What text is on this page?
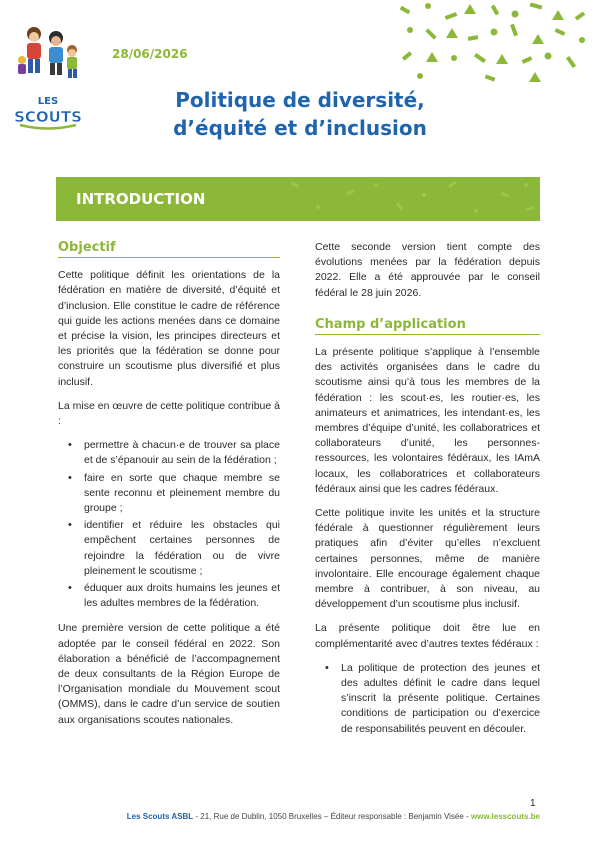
LES
SCOUTS
28/06/2026
Politique de diversité,
d’équité et d’inclusion
INTRODUCTION
Objectif
Cette politique définit les orientations de la fédération en matière de diversité, d’équité et d’inclusion. Elle constitue le cadre de référence qui guide les actions menées dans ce domaine et précise la vision, les principes directeurs et les priorités que la fédération se donne pour construire un scoutisme plus diversifié et plus inclusif.
La mise en œuvre de cette politique contribue à :
• permettre à chacun·e de trouver sa place et de s’épanouir au sein de la fédération ;
• faire en sorte que chaque membre se sente reconnu et pleinement membre du groupe ;
• identifier et réduire les obstacles qui empêchent certaines personnes de rejoindre la fédération ou de vivre pleinement le scoutisme ;
• éduquer aux droits humains les jeunes et les adultes membres de la fédération.
Une première version de cette politique a été adoptée par le conseil fédéral en 2022. Son élaboration a bénéficié de l’accompagnement de deux consultants de la Région Europe de l’Organisation mondiale du Mouvement scout (OMMS), dans le cadre d’un service de soutien aux organisations scoutes nationales.
Cette seconde version tient compte des évolutions menées par la fédération depuis 2022. Elle a été approuvée par le conseil fédéral le 28 juin 2026.
Champ d’application
La présente politique s’applique à l’ensemble des activités organisées dans le cadre du scoutisme ainsi qu’à tous les membres de la fédération : les scout·es, les routier·es, les animateurs et animatrices, les intendant·es, les membres d’équipe d’unité, les collaboratrices et collaborateurs d’unité, les personnes-ressources, les volontaires fédéraux, les IAmA locaux, les collaboratrices et collaborateurs fédéraux ainsi que les cadres fédéraux.
Cette politique invite les unités et la structure fédérale à questionner régulièrement leurs pratiques afin d’éviter qu’elles n’excluent certaines personnes, même de manière involontaire. Elle encourage également chaque membre à contribuer, à son niveau, au développement d’un scoutisme plus inclusif.
La présente politique doit être lue en complémentarité avec d’autres textes fédéraux :
• La politique de protection des jeunes et des adultes définit le cadre dans lequel s’inscrit la présente politique. Certaines conditions de participation ou d’exercice de responsabilités peuvent en découler.
1
Les Scouts ASBL - 21, Rue de Dublin, 1050 Bruxelles – Éditeur responsable : Benjamin Visée - www.lesscouts.be
